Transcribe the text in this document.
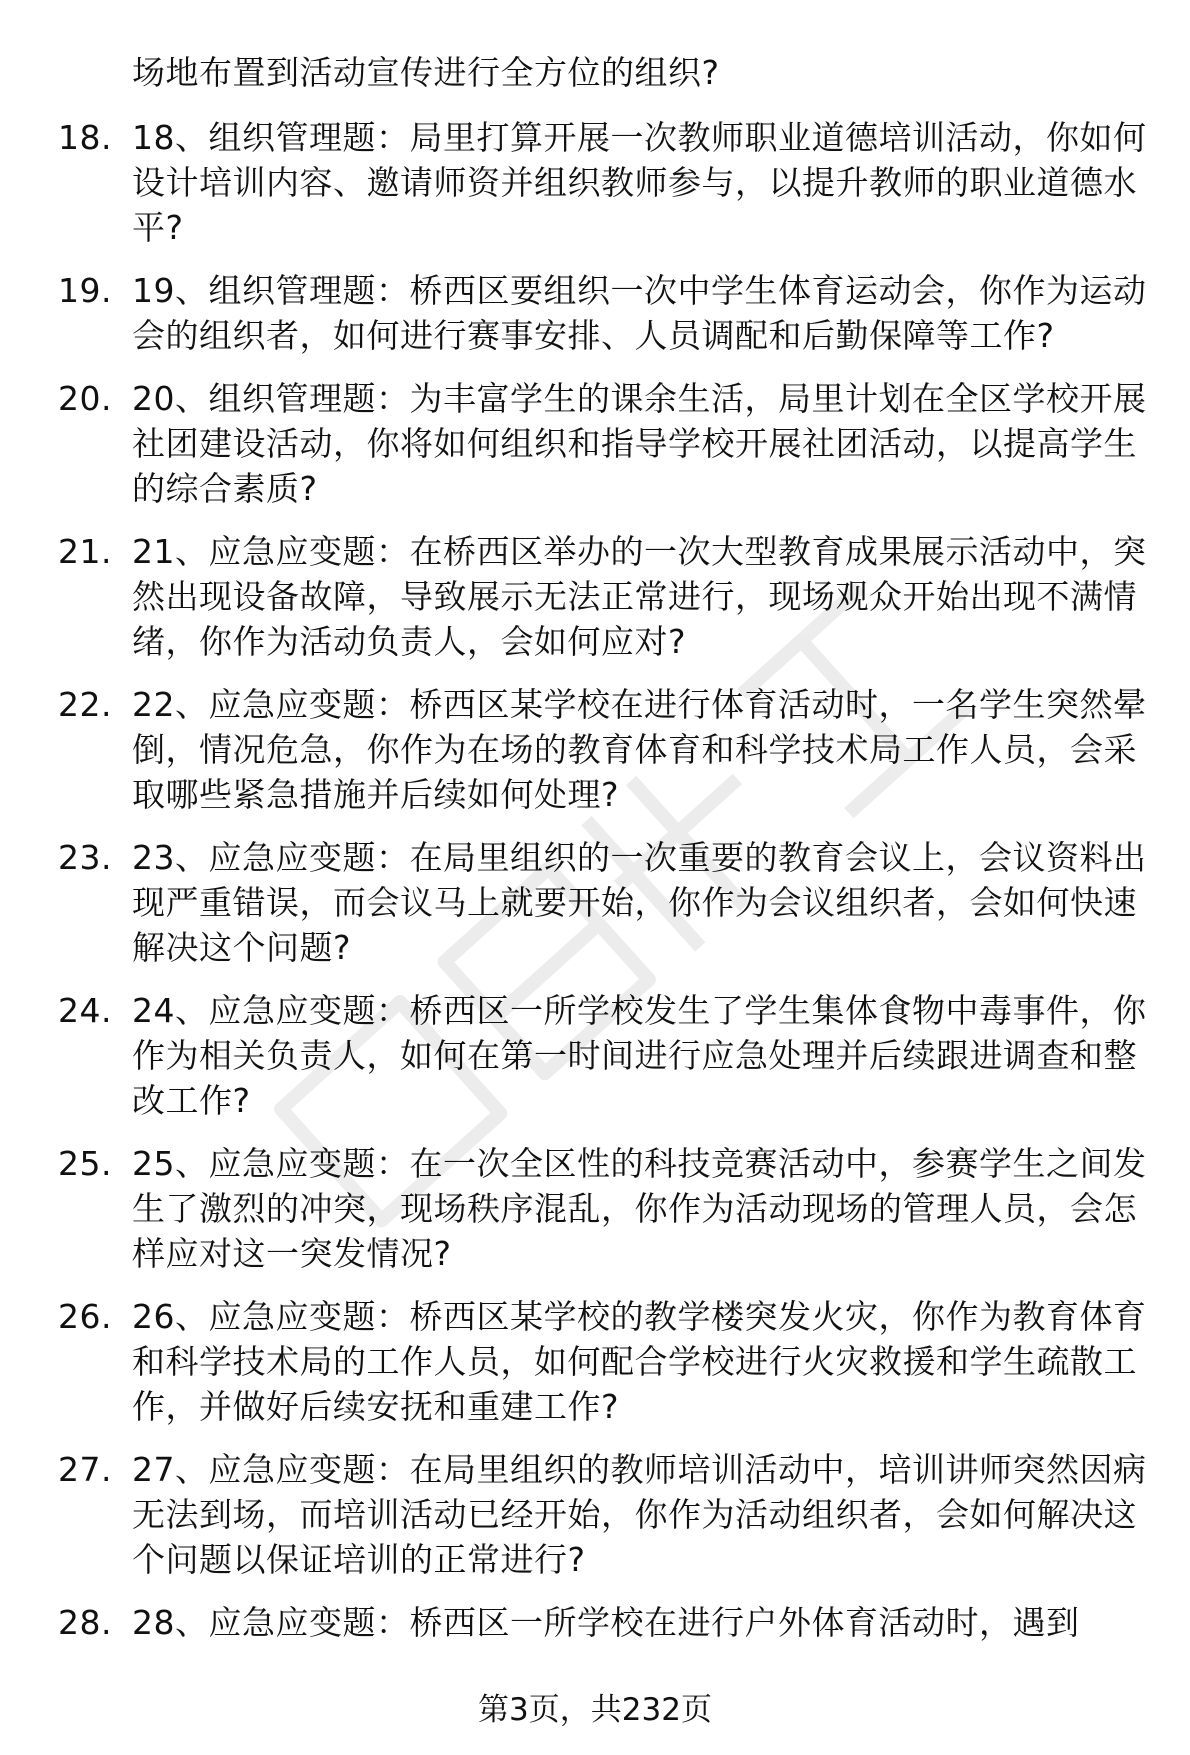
场地布置到活动宣传进行全方位的组织?
18. 18、组织管理题：局里打算开展一次教师职业道德培训活动，你如何设计培训内容、邀请师资并组织教师参与，以提升教师的职业道德水平?
19. 19、组织管理题：桥西区要组织一次中学生体育运动会，你作为运动会的组织者，如何进行赛事安排、人员调配和后勤保障等工作?
20. 20、组织管理题：为丰富学生的课余生活，局里计划在全区学校开展社团建设活动，你将如何组织和指导学校开展社团活动，以提高学生的综合素质?
21. 21、应急应变题：在桥西区举办的一次大型教育成果展示活动中，突然出现设备故障，导致展示无法正常进行，现场观众开始出现不满情绪，你作为活动负责人，会如何应对?
22. 22、应急应变题：桥西区某学校在进行体育活动时，一名学生突然晕倒，情况危急，你作为在场的教育体育和科学技术局工作人员，会采取哪些紧急措施并后续如何处理?
23. 23、应急应变题：在局里组织的一次重要的教育会议上，会议资料出现严重错误，而会议马上就要开始，你作为会议组织者，会如何快速解决这个问题?
24. 24、应急应变题：桥西区一所学校发生了学生集体食物中毒事件，你作为相关负责人，如何在第一时间进行应急处理并后续跟进调查和整改工作?
25. 25、应急应变题：在一次全区性的科技竞赛活动中，参赛学生之间发生了激烈的冲突，现场秩序混乱，你作为活动现场的管理人员，会怎样应对这一突发情况?
26. 26、应急应变题：桥西区某学校的教学楼突发火灾，你作为教育体育和科学技术局的工作人员，如何配合学校进行火灾救援和学生疏散工作，并做好后续安抚和重建工作?
27. 27、应急应变题：在局里组织的教师培训活动中，培训讲师突然因病无法到场，而培训活动已经开始，你作为活动组织者，会如何解决这个问题以保证培训的正常进行?
28. 28、应急应变题：桥西区一所学校在进行户外体育活动时，遇到
第3页，共232页
